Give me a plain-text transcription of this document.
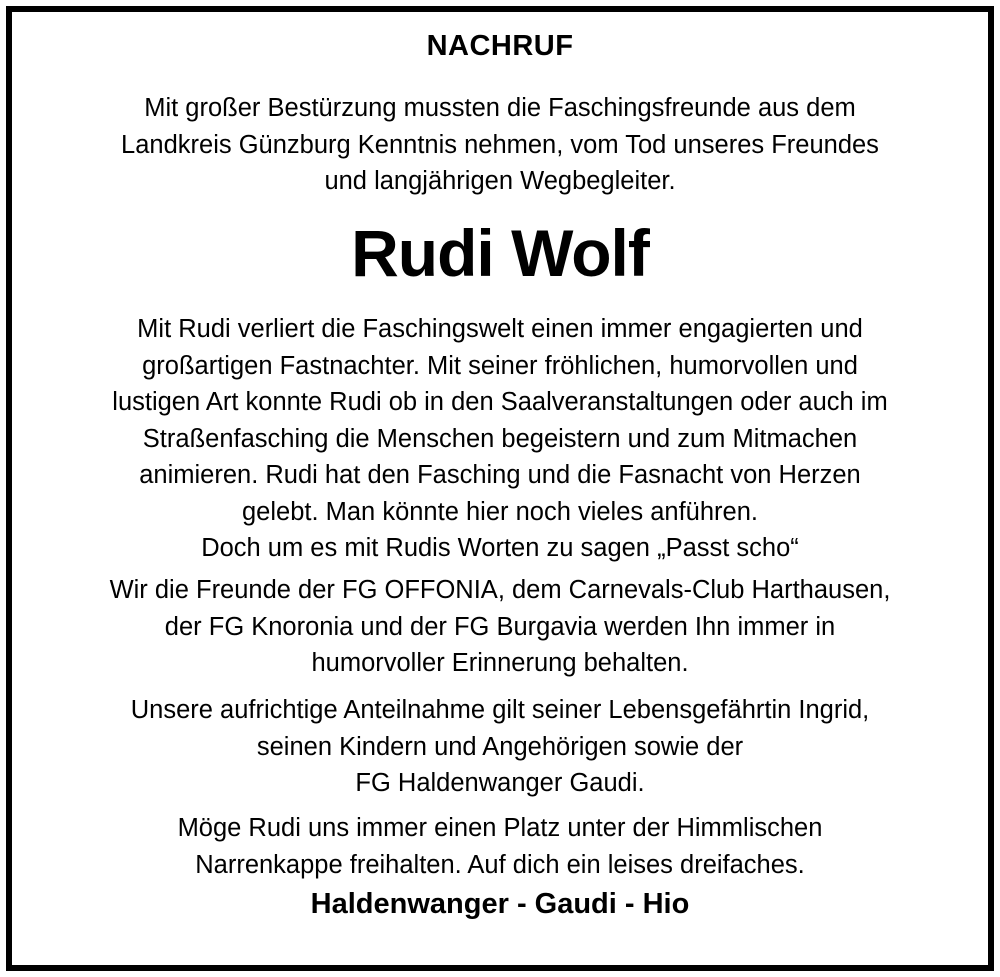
NACHRUF
Mit großer Bestürzung mussten die Faschingsfreunde aus dem
Landkreis Günzburg Kenntnis nehmen, vom Tod unseres Freundes
und langjährigen Wegbegleiter.
Rudi Wolf
Mit Rudi verliert die Faschingswelt einen immer engagierten und
großartigen Fastnachter. Mit seiner fröhlichen, humorvollen und
lustigen Art konnte Rudi ob in den Saalveranstaltungen oder auch im
Straßenfasching die Menschen begeistern und zum Mitmachen
animieren. Rudi hat den Fasching und die Fasnacht von Herzen
gelebt. Man könnte hier noch vieles anführen.
Doch um es mit Rudis Worten zu sagen „Passt scho“
Wir die Freunde der FG OFFONIA, dem Carnevals-Club Harthausen,
der FG Knoronia und der FG Burgavia werden Ihn immer in
humorvoller Erinnerung behalten.
Unsere aufrichtige Anteilnahme gilt seiner Lebensgefährtin Ingrid,
seinen Kindern und Angehörigen sowie der
FG Haldenwanger Gaudi.
Möge Rudi uns immer einen Platz unter der Himmlischen
Narrenkappe freihalten. Auf dich ein leises dreifaches.
Haldenwanger - Gaudi - Hio
